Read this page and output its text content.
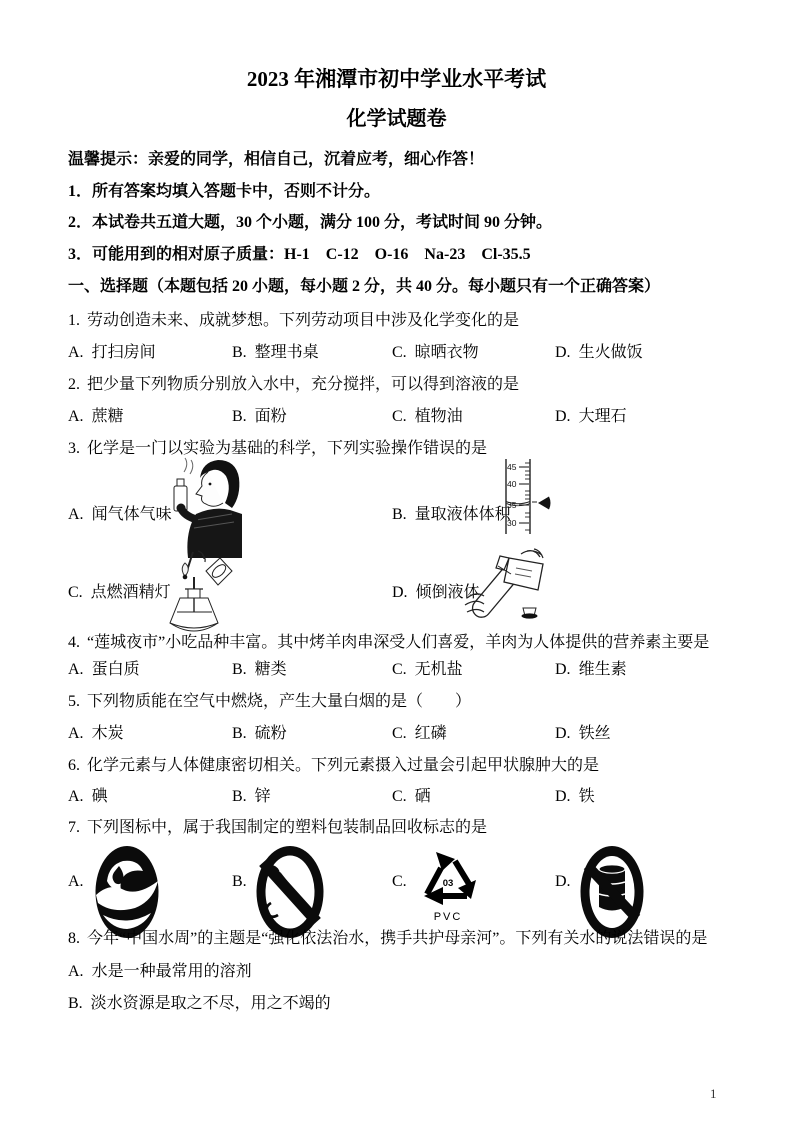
2023 年湘潭市初中学业水平考试
化学试题卷
温馨提示：亲爱的同学，相信自己，沉着应考，细心作答！
1．所有答案均填入答题卡中，否则不计分。
2．本试卷共五道大题，30 个小题，满分 100 分，考试时间 90 分钟。
3．可能用到的相对原子质量：H-1　C-12　O-16　Na-23　Cl-35.5
一、选择题（本题包括 20 小题，每小题 2 分，共 40 分。每小题只有一个正确答案）
1. 劳动创造未来、成就梦想。下列劳动项目中涉及化学变化的是
A. 打扫房间	B. 整理书桌	C. 晾晒衣物	D. 生火做饭
2. 把少量下列物质分别放入水中，充分搅拌，可以得到溶液的是
A. 蔗糖	B. 面粉	C. 植物油	D. 大理石
3. 化学是一门以实验为基础的科学，下列实验操作错误的是
A. 闻气体气味	B. 量取液体体积
C. 点燃酒精灯	D. 倾倒液体
45
40
35
30
4. “莲城夜市”小吃品种丰富。其中烤羊肉串深受人们喜爱，羊肉为人体提供的营养素主要是
A. 蛋白质	B. 糖类	C. 无机盐	D. 维生素
5. 下列物质能在空气中燃烧，产生大量白烟的是（　　）
A. 木炭	B. 硫粉	C. 红磷	D. 铁丝
6. 化学元素与人体健康密切相关。下列元素摄入过量会引起甲状腺肿大的是
A. 碘	B. 锌	C. 硒	D. 铁
7. 下列图标中，属于我国制定的塑料包装制品回收标志的是
A.	B.	C.	D.
03
PVC
8. 今年“中国水周”的主题是“强化依法治水，携手共护母亲河”。下列有关水的说法错误的是
A. 水是一种最常用的溶剂
B. 淡水资源是取之不尽，用之不竭的
1
